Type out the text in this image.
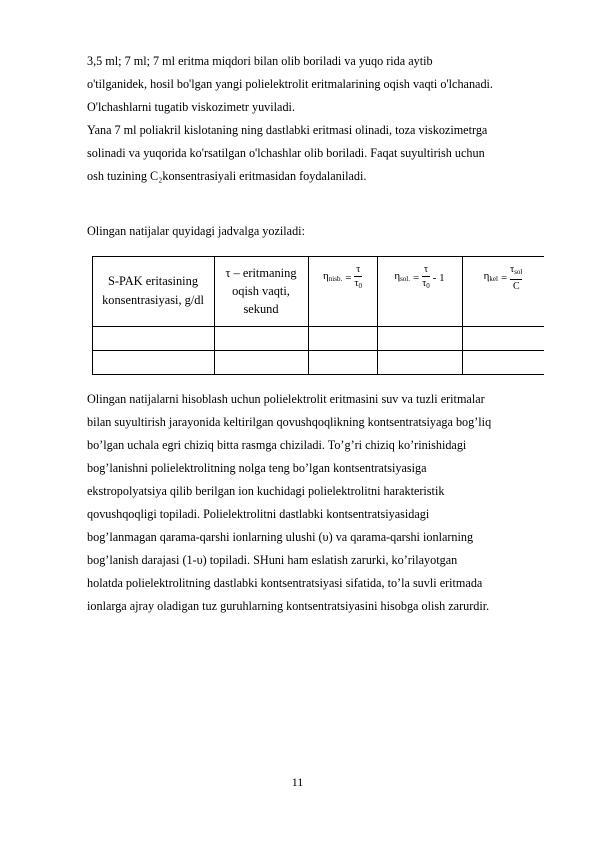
3,5 ml; 7 ml; 7 ml eritma miqdori bilan olib boriladi va yuqo rida aytib
o'tilganidek, hosil bo'lgan yangi polielektrolit eritmalarining oqish vaqti o'lchanadi.
O'lchashlarni tugatib viskozimetr yuviladi.
Yana 7 ml poliakril kislotaning ning dastlabki eritmasi olinadi, toza viskozimetrga
solinadi va yuqorida ko'rsatilgan o'lchashlar olib boriladi. Faqat suyultirish uchun
osh tuzining C₂konsentrasiyali eritmasidan foydalaniladi.
Olingan natijalar quyidagi jadvalga yoziladi:
S-PAK eritasining
konsentrasiyasi, g/dl
τ – eritmaning
oqish vaqti,
sekund
$\eta_{nisb.} = \frac{\tau}{\tau_0}$	$\eta_{sol.} = \frac{\tau}{\tau_0} - 1$	$\eta_{kel} = \frac{\tau_{sol}}{C}$
Olingan natijalarni hisoblash uchun polielektrolit eritmasini suv va tuzli eritmalar
bilan suyultirish jarayonida keltirilgan qovushqoqlikning kontsentratsiyaga bog’liq
bo’lgan uchala egri chiziq bitta rasmga chiziladi. To’g’ri chiziq ko’rinishidagi
bog’lanishni polielektrolitning nolga teng bo’lgan kontsentratsiyasiga
ekstropolyatsiya qilib berilgan ion kuchidagi polielektrolitni harakteristik
qovushqoqligi topiladi. Polielektrolitni dastlabki kontsentratsiyasidagi
bog’lanmagan qarama-qarshi ionlarning ulushi (υ) va qarama-qarshi ionlarning
bog’lanish darajasi (1-υ) topiladi. SHuni ham eslatish zarurki, ko’rilayotgan
holatda polielektrolitning dastlabki kontsentratsiyasi sifatida, to’la suvli eritmada
ionlarga ajray oladigan tuz guruhlarning kontsentratsiyasini hisobga olish zarurdir.
11
